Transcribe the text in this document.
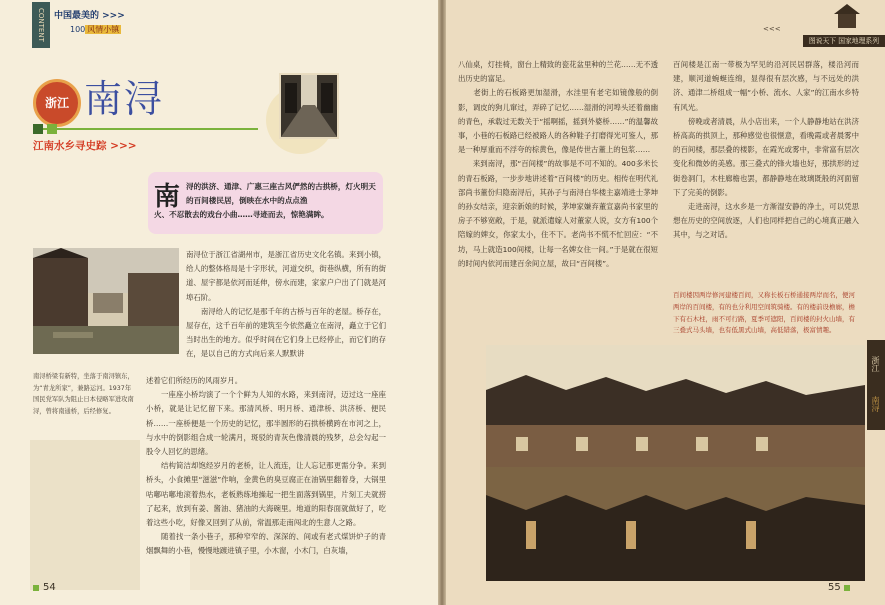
CONTENT	中国最美的 >>>
100 风情小镇
浙江 南浔
江南水乡寻史踪 >>>
南 浔的洪济、通津、广惠三座古风俨然的古拱桥，灯火明天的百间楼民居，倒映在水中的点点渔

火、不忍散去的戏台小曲……寻迹而去，惊艳满眸。

南浔位于浙江省湖州市，是浙江省历史文化名镇。来到小镇，给人的整体格局是十字形状，河道交织，街巷纵横，所有的街道、屋宇都是依河而延伸，傍水而建，家家户户出了门就是河埠石阶。
　　南浔给人的记忆是那千年的古桥与百年的老屋。桥存在，屋存在，这千百年前的建筑至今依然矗立在南浔，矗立于它们当时出生的地方。似乎时间在它们身上已经停止，而它们的存在，是以自己的方式向后来人默默讲

述着它们所经历的风雨岁月。
　　一座座小桥均演了一个个鲜为人知的水路，来到南浔，迈过这一座座小桥，就是让记忆留下来。那清风桥、明月桥、通津桥、洪济桥、便民桥……一座桥便是一个历史的记忆，那半圆形的石拱桥横跨在市河之上，与水中的倒影组合成一轮满月，斑驳的青灰色像清晨的残梦，总会勾起一股令人回忆的思绪。
　　结构简洁却饱经岁月的老桥，让人流连，让人忘记那更需分争。来到桥头，小食摊里“滋滋”作响，金黄色的臭豆腐正在油锅里翻着身，大锅里咕嘟咕嘟地滚着热水，老板熟练地操起一把生面落到锅里，片刻工夫就捞了起来，放到有姜、酱油、猪油的大海碗里。地道的阳春面就做好了，吃着这些小吃，好像又回到了从前，常温那走南闯北的生意人之路。
　　随着找一条小巷子，那种窄窄的、深深的、间或有老式煤饼炉子的青烟飘舞的小巷，慢慢地踱进镇子里，小木窗，小木门，白灰墙，

南浔桥梁有新特，坐落于南浔镇东，为“青龙所家”，兼路运河。1937年国民党军队为阻止日本侵略军进攻南浔，曾将南通桥，后经修复。

54
<<<
图说天下 国家地理系列

八仙桌，灯挂椅，窗台上精致的瓷花盆里种的兰花……无不透出历史的富足。
　　老街上的石板路更加湿滑，水洼里有老宅如镜像般的倒影，调皮的狗儿窜过，弄碎了记忆……湿滑的河埠头还着幽幽的青色，承载过无数关于“摇啊摇，摇到外婆桥……”的温馨故事，小巷的石板路已经被路人的各种鞋子打磨得光可鉴人，那是一种厚重而不浮夸的棕黄色，像是传世古董上的包浆……
　　来到南浔，那“百间楼”的故事是不可不知的。400多米长的青石板路，一步步地讲述着“百间楼”的历史。相传在明代礼部尚书董份归隐南浔后，其孙子与南浔白华楼主嘉靖进士茅坤的孙女结亲，迎亲新娘的时候，茅坤家嫌弃董宣嘉尚书家里的房子不够宽敞，于是，就派遣嫁人对董家人说，女方有100个陪嫁的婢女，你家太小，住不下。老尚书不慌不忙回应：“不坊，马上就造100间楼，让每一名婢女住一间。”于是就在很短的时间内依河而建百余间立屋，故曰“百间楼”。

百间楼是江南一带极为罕见的沿河民居群落，楼沿河而建，顺河道蜿蜒连绵，显得很有层次感，与不远处的洪济、通津二桥组成一幅“小桥、流水、人家”的江南水乡特有风光。
　　傍晚或者清晨，从小店出来，一个人静静地站在洪济桥高高的拱顶上，那种感觉也很惬意，看晚霞或者晨雾中的百间楼，那层叠的楼影，在霞光或雾中，非常富有层次变化和微妙的美感。那三叠式的锋火墙也好，那拱形的过街卷洞门，木柱廊檐也罢，都静静地在玻璃既般的河面留下了完美的倒影。
　　走进南浔，这水乡是一方渐湿安静的净土，可以凭思想在历史的空间放逐，人们也同样把自己的心境真正融入其中，与之对话。

百间楼因两岸修河建楼百间，又称长板石桥通接两岸而名，便河两岸的百间楼，有的也分利用空间筑骑楼。有的楼前设檐廊，檐下有石木柱，雨不可行路，夏季可遮阳，百间楼的封火山墙，有三叠式马头墙，也有低黑式山墙，高低错落，极富情趣。

浙江
南浔
55
